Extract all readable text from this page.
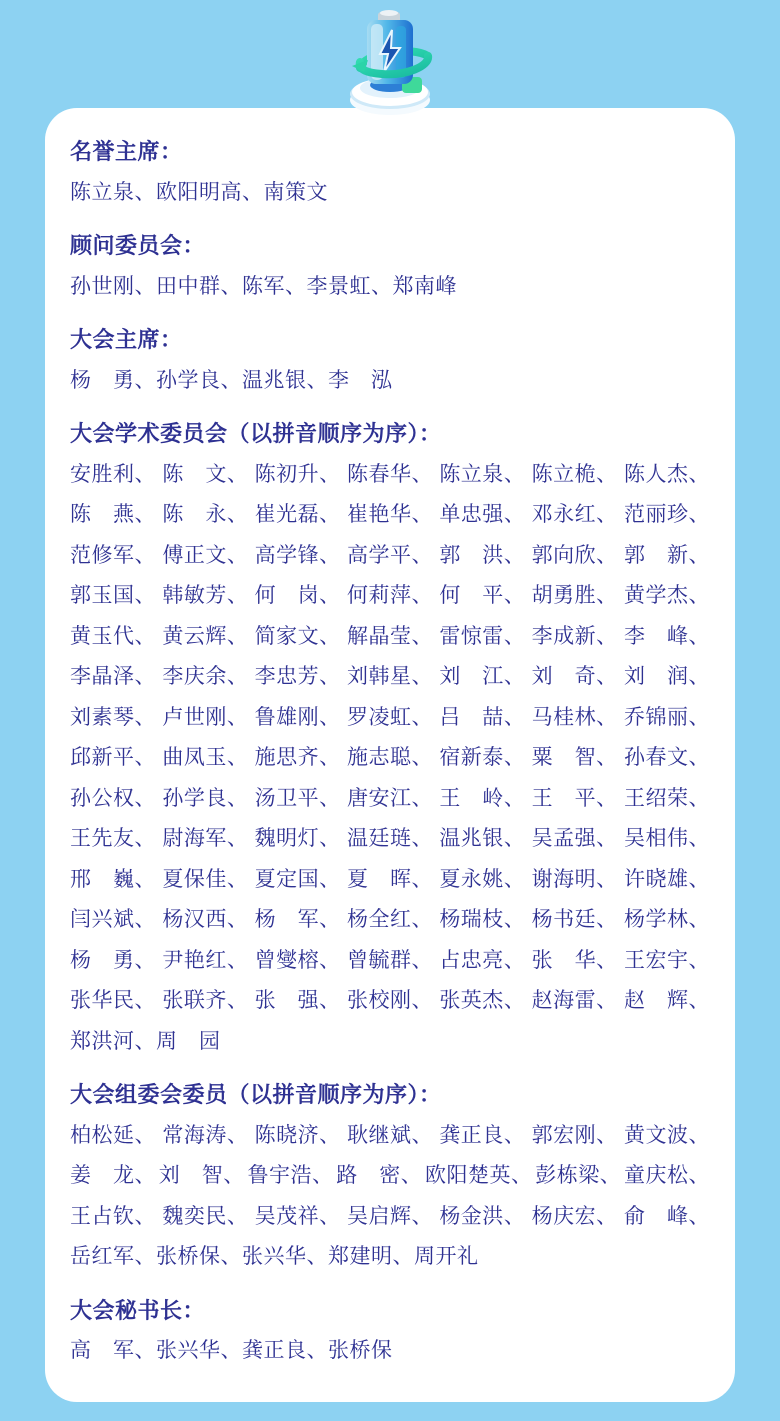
名誉主席：
陈立泉、欧阳明高、南策文
顾问委员会：
孙世刚、田中群、陈军、李景虹、郑南峰
大会主席：
杨　勇、孙学良、温兆银、李　泓
大会学术委员会（以拼音顺序为序）：
安胜利、 陈　文、 陈初升、 陈春华、 陈立泉、 陈立桅、 陈人杰、
陈　燕、 陈　永、 崔光磊、 崔艳华、 单忠强、 邓永红、 范丽珍、
范修军、 傅正文、 高学锋、 高学平、 郭　洪、 郭向欣、 郭　新、
郭玉国、 韩敏芳、 何　岗、 何莉萍、 何　平、 胡勇胜、 黄学杰、
黄玉代、 黄云辉、 简家文、 解晶莹、 雷惊雷、 李成新、 李　峰、
李晶泽、 李庆余、 李忠芳、 刘韩星、 刘　江、 刘　奇、 刘　润、
刘素琴、 卢世刚、 鲁雄刚、 罗凌虹、 吕　喆、 马桂林、 乔锦丽、
邱新平、 曲凤玉、 施思齐、 施志聪、 宿新泰、 粟　智、 孙春文、
孙公权、 孙学良、 汤卫平、 唐安江、 王　岭、 王　平、 王绍荣、
王先友、 尉海军、 魏明灯、 温廷琏、 温兆银、 吴孟强、 吴相伟、
邢　巍、 夏保佳、 夏定国、 夏　晖、 夏永姚、 谢海明、 许晓雄、
闫兴斌、 杨汉西、 杨　军、 杨全红、 杨瑞枝、 杨书廷、 杨学林、
杨　勇、 尹艳红、 曾燮榕、 曾毓群、 占忠亮、 张　华、 王宏宇、
张华民、 张联齐、 张　强、 张校刚、 张英杰、 赵海雷、 赵　辉、
郑洪河、周　园
大会组委会委员（以拼音顺序为序）：
柏松延、 常海涛、 陈晓济、 耿继斌、 龚正良、 郭宏刚、 黄文波、
姜　龙、 刘　智、 鲁宇浩、 路　密、 欧阳楚英、 彭栋梁、 童庆松、
王占钦、 魏奕民、 吴茂祥、 吴启辉、 杨金洪、 杨庆宏、 俞　峰、
岳红军、张桥保、张兴华、郑建明、周开礼
大会秘书长：
高　军、张兴华、龚正良、张桥保
